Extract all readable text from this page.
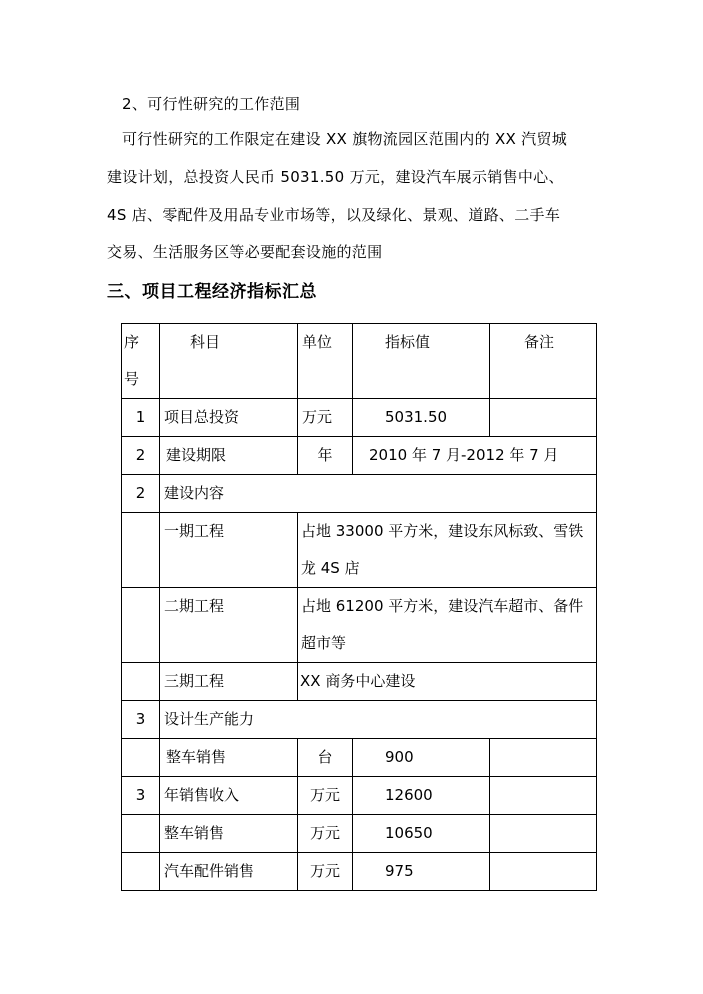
2、可行性研究的工作范围
可行性研究的工作限定在建设 XX 旗物流园区范围内的 XX 汽贸城
建设计划，总投资人民币 5031.50 万元，建设汽车展示销售中心、
4S 店、零配件及用品专业市场等，以及绿化、景观、道路、二手车
交易、生活服务区等必要配套设施的范围
三、项目工程经济指标汇总
序
号	科目	单位	指标值	备注
1	项目总投资	万元	5031.50	
2	建设期限	年	2010 年 7 月-2012 年 7 月	
2	建设内容			
	一期工程	占地 33000 平方米，建设东风标致、雪铁龙 4S 店		
	二期工程	占地 61200 平方米，建设汽车超市、备件超市等		
	三期工程	XX 商务中心建设		
3	设计生产能力			
	整车销售	台	900	
3	年销售收入	万元	12600	
	整车销售	万元	10650	
	汽车配件销售	万元	975	
